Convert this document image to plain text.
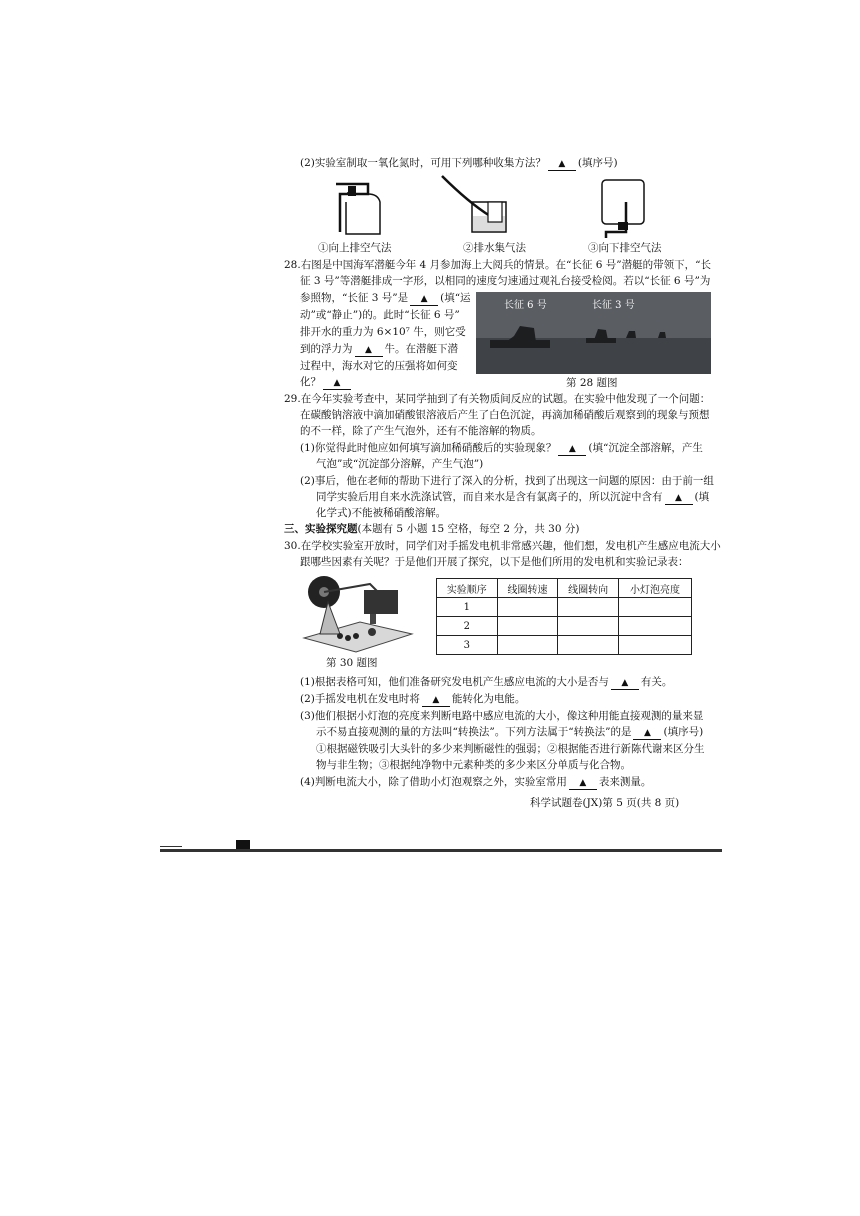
(2)实验室制取一氧化氮时，可用下列哪种收集方法？ ▲ (填序号)
①向上排空气法	②排水集气法	③向下排空气法
28.右图是中国海军潜艇今年 4 月参加海上大阅兵的情景。在“长征 6 号”潜艇的带领下，“长
征 3 号”等潜艇排成一字形，以相同的速度匀速通过观礼台接受检阅。若以“长征 6 号”为
参照物，“长征 3 号”是 ▲ (填“运
动”或“静止”)的。此时“长征 6 号”
排开水的重力为 6×10⁷ 牛，则它受
到的浮力为 ▲ 牛。在潜艇下潜
过程中，海水对它的压强将如何变
化？ ▲
长征 6 号	长征 3 号
第 28 题图
29.在今年实验考查中，某同学抽到了有关物质间反应的试题。在实验中他发现了一个问题：
在碳酸钠溶液中滴加硝酸银溶液后产生了白色沉淀，再滴加稀硝酸后观察到的现象与预想
的不一样，除了产生气泡外，还有不能溶解的物质。
(1)你觉得此时他应如何填写滴加稀硝酸后的实验现象？ ▲ (填“沉淀全部溶解，产生
气泡”或“沉淀部分溶解，产生气泡”)
(2)事后，他在老师的帮助下进行了深入的分析，找到了出现这一问题的原因：由于前一组
同学实验后用自来水洗涤试管，而自来水是含有氯离子的，所以沉淀中含有 ▲ (填
化学式)不能被稀硝酸溶解。
三、实验探究题(本题有 5 小题 15 空格，每空 2 分，共 30 分)
30.在学校实验室开放时，同学们对手摇发电机非常感兴趣，他们想，发电机产生感应电流大小
跟哪些因素有关呢？于是他们开展了探究，以下是他们所用的发电机和实验记录表：
第 30 题图
实验顺序	线圈转速	线圈转向	小灯泡亮度
1			
2			
3			
(1)根据表格可知，他们准备研究发电机产生感应电流的大小是否与 ▲ 有关。
(2)手摇发电机在发电时将 ▲ 能转化为电能。
(3)他们根据小灯泡的亮度来判断电路中感应电流的大小，像这种用能直接观测的量来显
示不易直接观测的量的方法叫“转换法”。下列方法属于“转换法”的是 ▲ (填序号)
①根据磁铁吸引大头针的多少来判断磁性的强弱；②根据能否进行新陈代谢来区分生
物与非生物；③根据纯净物中元素种类的多少来区分单质与化合物。
(4)判断电流大小，除了借助小灯泡观察之外，实验室常用 ▲ 表来测量。
科学试题卷(JX)第 5 页(共 8 页)
